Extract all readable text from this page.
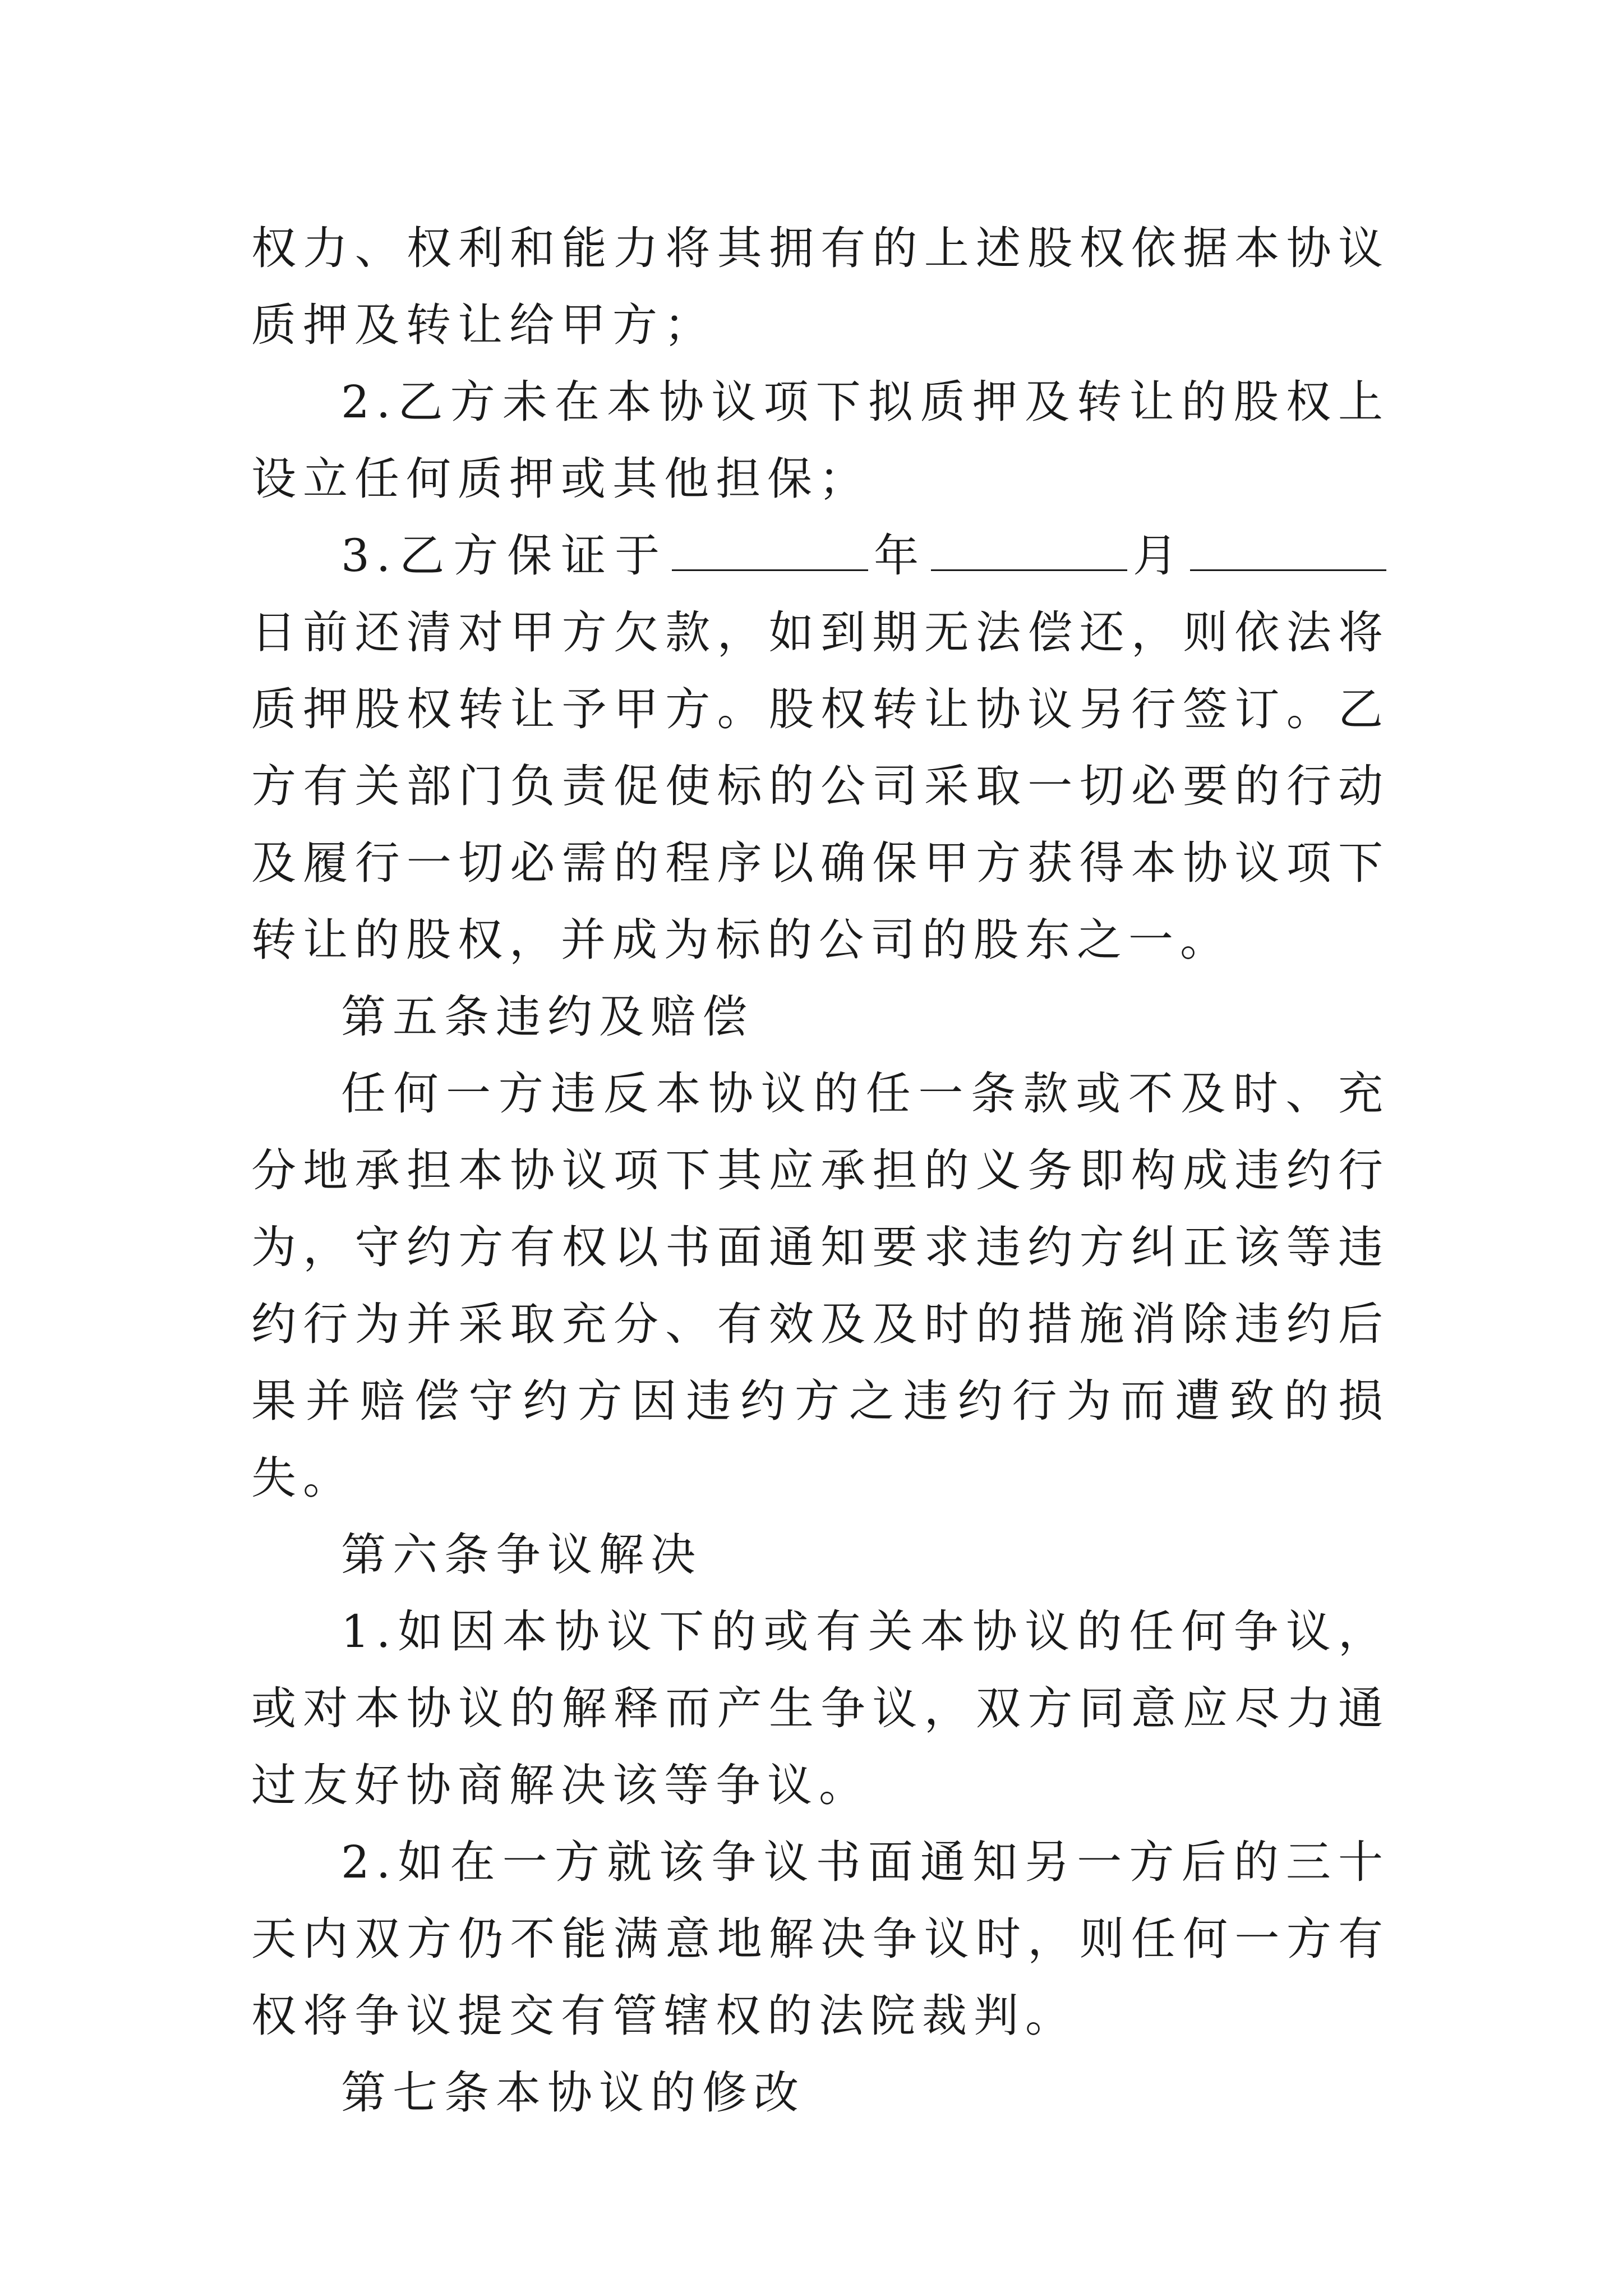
权力、权利和能力将其拥有的上述股权依据本协议质押及转让给甲方；

2.乙方未在本协议项下拟质押及转让的股权上设立任何质押或其他担保；

3.乙方保证于	年	月日前还清对甲方欠款，如到期无法偿还，则依法将质押股权转让予甲方。股权转让协议另行签订。乙方有关部门负责促使标的公司采取一切必要的行动及履行一切必需的程序以确保甲方获得本协议项下转让的股权，并成为标的公司的股东之一。

第五条违约及赔偿

任何一方违反本协议的任一条款或不及时、充分地承担本协议项下其应承担的义务即构成违约行为，守约方有权以书面通知要求违约方纠正该等违约行为并采取充分、有效及及时的措施消除违约后果并赔偿守约方因违约方之违约行为而遭致的损失。

第六条争议解决

1.如因本协议下的或有关本协议的任何争议，或对本协议的解释而产生争议，双方同意应尽力通过友好协商解决该等争议。

2.如在一方就该争议书面通知另一方后的三十天内双方仍不能满意地解决争议时，则任何一方有权将争议提交有管辖权的法院裁判。

第七条本协议的修改
